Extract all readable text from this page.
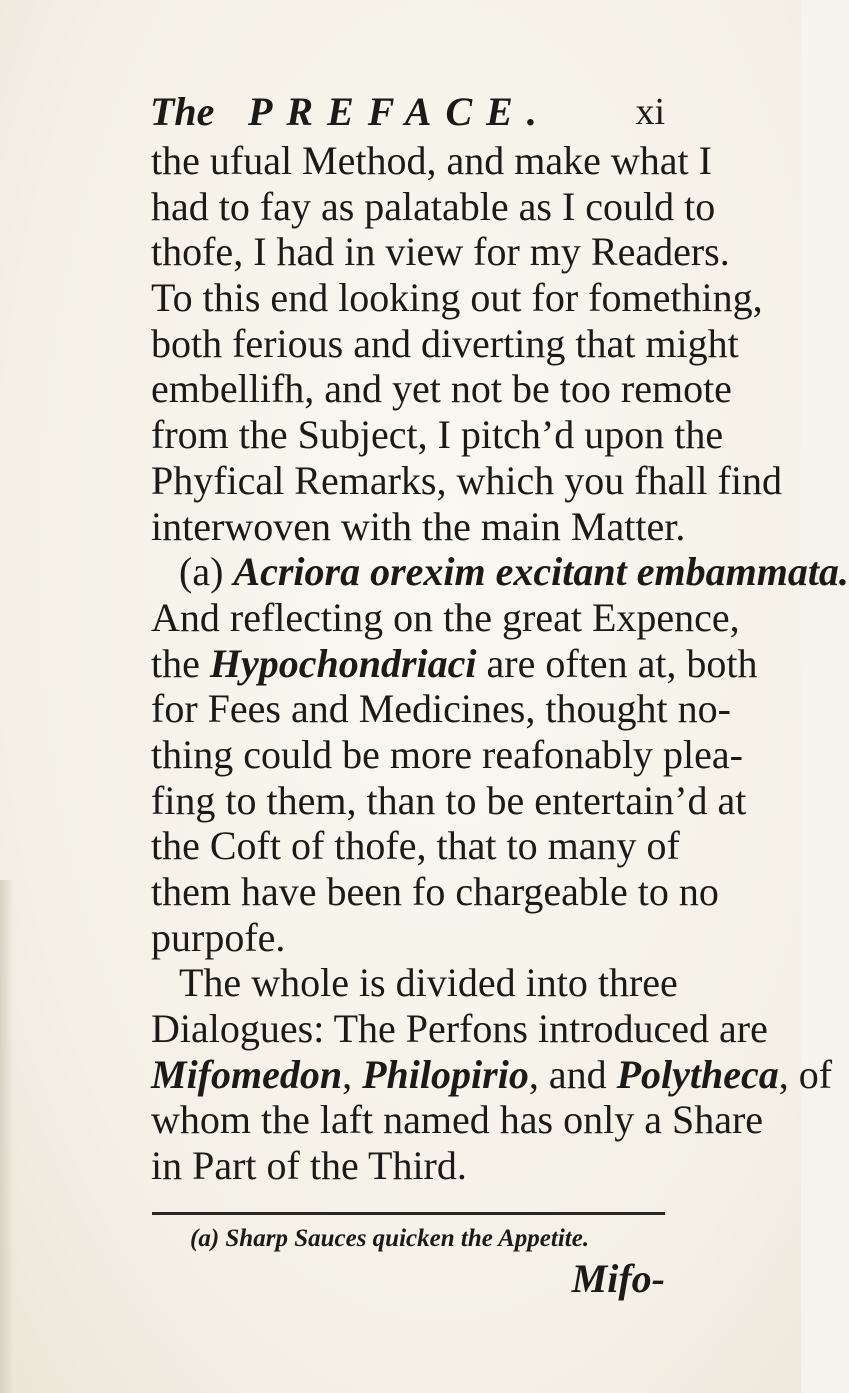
The PREFACE. xi
the ufual Method, and make what I
had to fay as palatable as I could to
thofe, I had in view for my Readers.
To this end looking out for fomething,
both ferious and diverting that might
embellifh, and yet not be too remote
from the Subject, I pitch’d upon the
Phyfical Remarks, which you fhall find
interwoven with the main Matter.
(a) Acriora orexim excitant embammata.
And reflecting on the great Expence,
the Hypochondriaci are often at, both
for Fees and Medicines, thought no-
thing could be more reafonably plea-
fing to them, than to be entertain’d at
the Coft of thofe, that to many of
them have been fo chargeable to no
purpofe.
The whole is divided into three
Dialogues: The Perfons introduced are
Mifomedon, Philopirio, and Polytheca, of
whom the laft named has only a Share
in Part of the Third.
(a) Sharp Sauces quicken the Appetite.
Mifo-
